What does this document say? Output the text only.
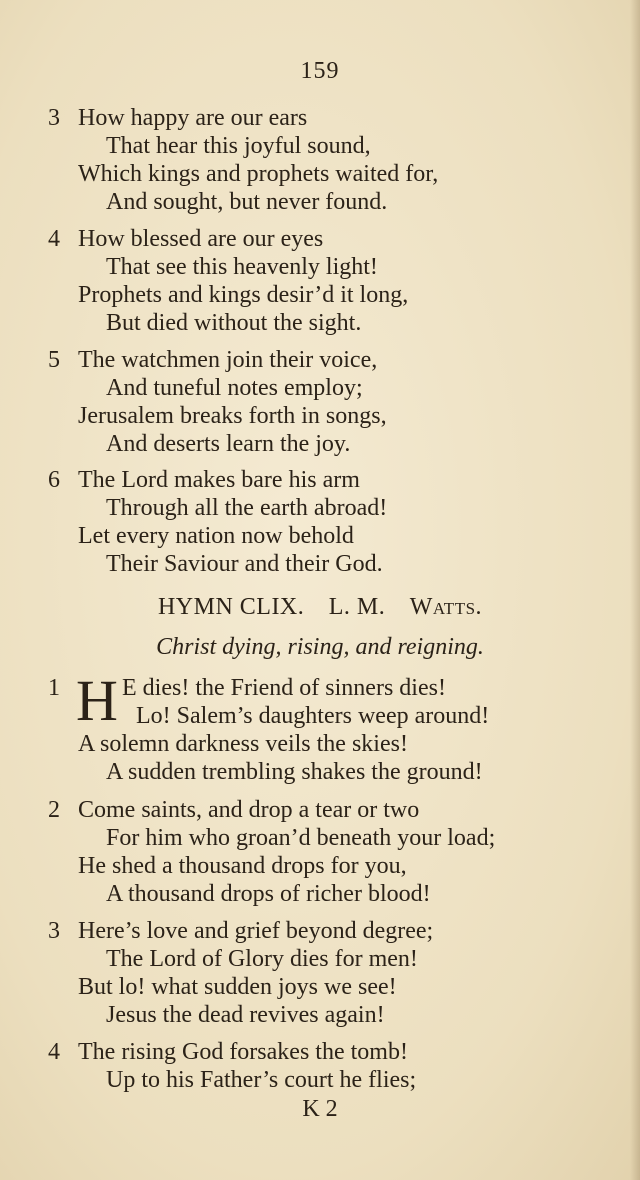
159
3 How happy are our ears
That hear this joyful sound,
Which kings and prophets waited for,
And sought, but never found.
4 How blessed are our eyes
That see this heavenly light!
Prophets and kings desir’d it long,
But died without the sight.
5 The watchmen join their voice,
And tuneful notes employ;
Jerusalem breaks forth in songs,
And deserts learn the joy.
6 The Lord makes bare his arm
Through all the earth abroad!
Let every nation now behold
Their Saviour and their God.
HYMN CLIX. L. M. Watts.
Christ dying, rising, and reigning.
1	E dies! the Friend of sinners dies!
Lo! Salem’s daughters weep around!
A solemn darkness veils the skies!
A sudden trembling shakes the ground!
H
2 Come saints, and drop a tear or two
For him who groan’d beneath your load;
He shed a thousand drops for you,
A thousand drops of richer blood!
3 Here’s love and grief beyond degree;
The Lord of Glory dies for men!
But lo! what sudden joys we see!
Jesus the dead revives again!
4 The rising God forsakes the tomb!
Up to his Father’s court he flies;
K 2
